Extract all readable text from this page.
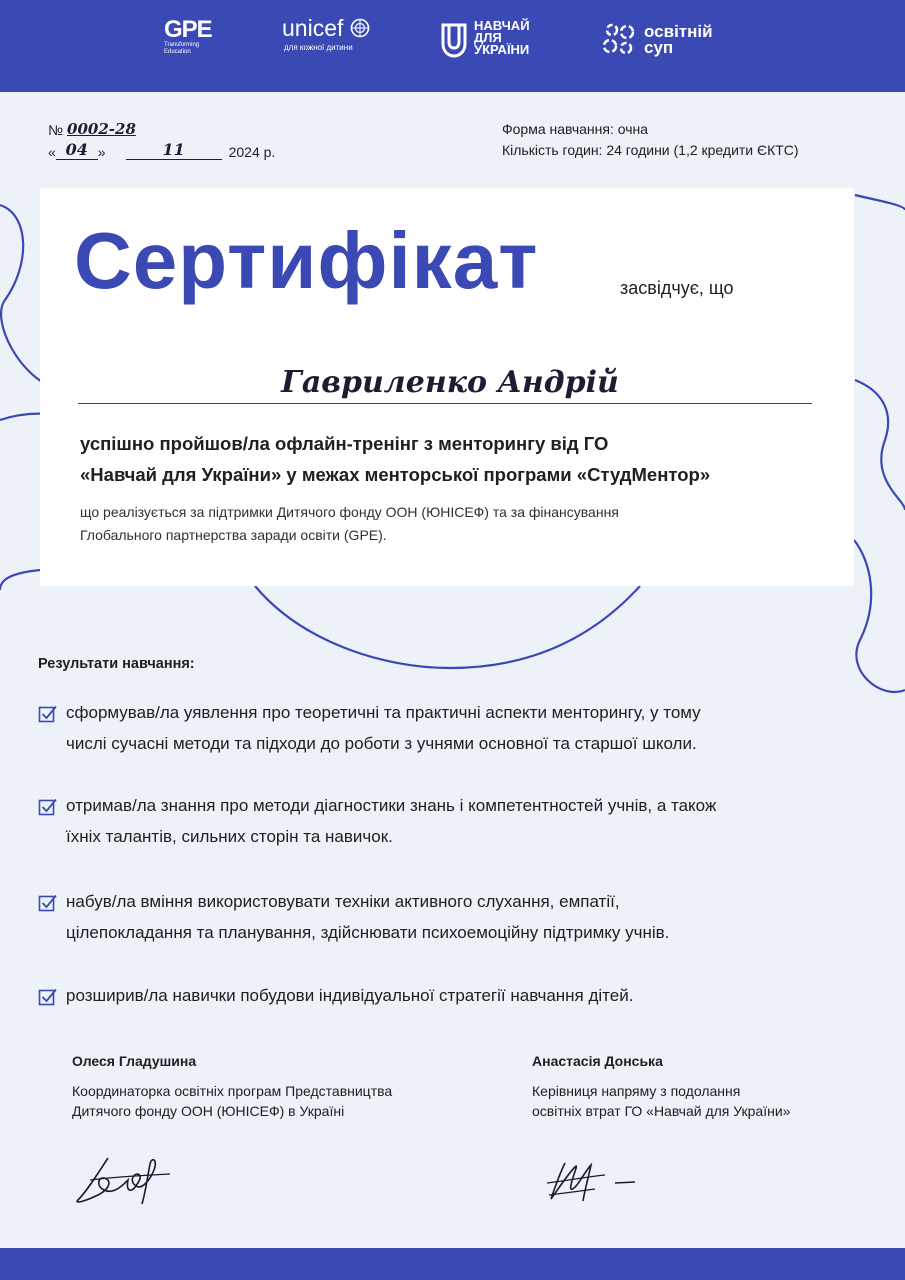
GPE
Transforming Education
unicef
для кожної дитини
НАВЧАЙ ДЛЯ УКРАЇНИ
освітній суп
№ 0002-28
« 04 »	11	2024 р.
Форма навчання: очна
Кількість годин: 24 години (1,2 кредити ЄКТС)
Сертифікат	засвідчує, що
Гавриленко Андрій
успішно пройшов/ла офлайн-тренінг з менторингу від ГО
«Навчай для України» у межах менторської програми «СтудМентор»
що реалізується за підтримки Дитячого фонду ООН (ЮНІСЕФ) та за фінансування
Глобального партнерства заради освіти (GPE).
Результати навчання:
сформував/ла уявлення про теоретичні та практичні аспекти менторингу, у тому
числі сучасні методи та підходи до роботи з учнями основної та старшої школи.
отримав/ла знання про методи діагностики знань і компетентностей учнів, а також
їхніх талантів, сильних сторін та навичок.
набув/ла вміння використовувати техніки активного слухання, емпатії,
цілепокладання та планування, здійснювати психоемоційну підтримку учнів.
розширив/ла навички побудови індивідуальної стратегії навчання дітей.
Олеся Гладушина
Координаторка освітніх програм Представництва
Дитячого фонду ООН (ЮНІСЕФ) в Україні
Анастасія Донська
Керівниця напряму з подолання
освітніх втрат ГО «Навчай для України»
